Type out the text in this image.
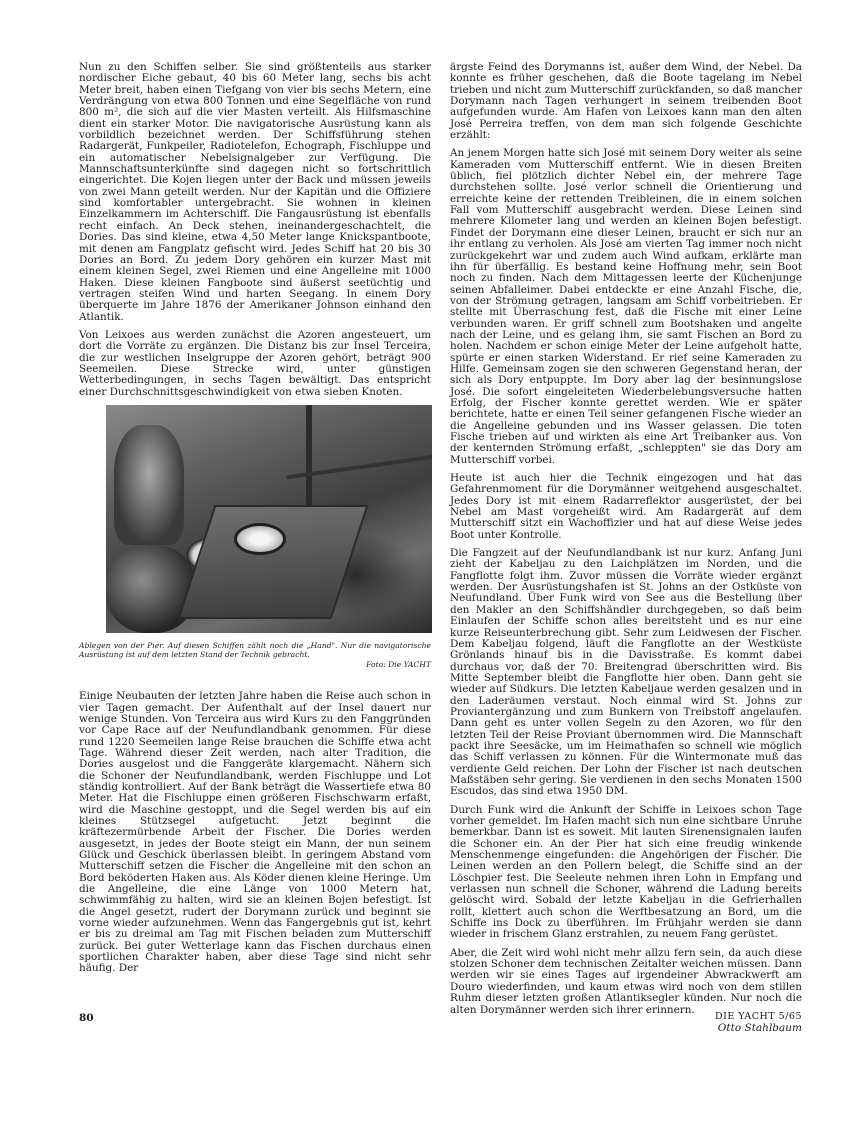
Nun zu den Schiffen selber. Sie sind größtenteils aus starker nordischer Eiche gebaut, 40 bis 60 Meter lang, sechs bis acht Meter breit, haben einen Tiefgang von vier bis sechs Metern, eine Verdrängung von etwa 800 Tonnen und eine Segelfläche von rund 800 m², die sich auf die vier Masten verteilt. Als Hilfsmaschine dient ein starker Motor. Die navigatorische Ausrüstung kann als vorbildlich bezeichnet werden. Der Schiffsführung stehen Radargerät, Funkpeiler, Radiotelefon, Echograph, Fischluppe und ein automatischer Nebelsignalgeber zur Verfügung. Die Mannschaftsunterkünfte sind dagegen nicht so fortschrittlich eingerichtet. Die Kojen liegen unter der Back und müssen jeweils von zwei Mann geteilt werden. Nur der Kapitän und die Offiziere sind komfortabler untergebracht. Sie wohnen in kleinen Einzelkammern im Achterschiff. Die Fangausrüstung ist ebenfalls recht einfach. An Deck stehen, ineinandergeschachtelt, die Dories. Das sind kleine, etwa 4,50 Meter lange Knickspantboote, mit denen am Fangplatz gefischt wird. Jedes Schiff hat 20 bis 30 Dories an Bord. Zu jedem Dory gehören ein kurzer Mast mit einem kleinen Segel, zwei Riemen und eine Angelleine mit 1000 Haken. Diese kleinen Fangboote sind äußerst seetüchtig und vertragen steifen Wind und harten Seegang. In einem Dory überquerte im Jahre 1876 der Amerikaner Johnson einhand den Atlantik.

Von Leixoes aus werden zunächst die Azoren angesteuert, um dort die Vorräte zu ergänzen. Die Distanz bis zur Insel Terceira, die zur westlichen Inselgruppe der Azoren gehört, beträgt 900 Seemeilen. Diese Strecke wird, unter günstigen Wetterbedingungen, in sechs Tagen bewältigt. Das entspricht einer Durchschnittsgeschwindigkeit von etwa sieben Knoten.

Ablegen von der Pier. Auf diesen Schiffen zählt noch die „Hand". Nur die navigatorische Ausrüstung ist auf dem letzten Stand der Technik gebracht.
Foto: Die YACHT

Einige Neubauten der letzten Jahre haben die Reise auch schon in vier Tagen gemacht. Der Aufenthalt auf der Insel dauert nur wenige Stunden. Von Terceira aus wird Kurs zu den Fanggründen vor Cape Race auf der Neufundlandbank genommen. Für diese rund 1220 Seemeilen lange Reise brauchen die Schiffe etwa acht Tage. Während dieser Zeit werden, nach alter Tradition, die Dories ausgelost und die Fanggeräte klargemacht. Nähern sich die Schoner der Neufundlandbank, werden Fischluppe und Lot ständig kontrolliert. Auf der Bank beträgt die Wassertiefe etwa 80 Meter. Hat die Fischluppe einen größeren Fischschwarm erfaßt, wird die Maschine gestoppt, und die Segel werden bis auf ein kleines Stützsegel aufgetucht. Jetzt beginnt die kräftezermürbende Arbeit der Fischer. Die Dories werden ausgesetzt, in jedes der Boote steigt ein Mann, der nun seinem Glück und Geschick überlassen bleibt. In geringem Abstand vom Mutterschiff setzen die Fischer die Angelleine mit den schon an Bord beköderten Haken aus. Als Köder dienen kleine Heringe. Um die Angelleine, die eine Länge von 1000 Metern hat, schwimmfähig zu halten, wird sie an kleinen Bojen befestigt. Ist die Angel gesetzt, rudert der Dorymann zurück und beginnt sie vorne wieder aufzunehmen. Wenn das Fangergebnis gut ist, kehrt er bis zu dreimal am Tag mit Fischen beladen zum Mutterschiff zurück. Bei guter Wetterlage kann das Fischen durchaus einen sportlichen Charakter haben, aber diese Tage sind nicht sehr häufig. Der

ärgste Feind des Dorymanns ist, außer dem Wind, der Nebel. Da konnte es früher geschehen, daß die Boote tagelang im Nebel trieben und nicht zum Mutterschiff zurückfanden, so daß mancher Dorymann nach Tagen verhungert in seinem treibenden Boot aufgefunden wurde. Am Hafen von Leixoes kann man den alten José Perreira treffen, von dem man sich folgende Geschichte erzählt:

An jenem Morgen hatte sich José mit seinem Dory weiter als seine Kameraden vom Mutterschiff entfernt. Wie in diesen Breiten üblich, fiel plötzlich dichter Nebel ein, der mehrere Tage durchstehen sollte. José verlor schnell die Orientierung und erreichte keine der rettenden Treibleinen, die in einem solchen Fall vom Mutterschiff ausgebracht werden. Diese Leinen sind mehrere Kilometer lang und werden an kleinen Bojen befestigt. Findet der Dorymann eine dieser Leinen, braucht er sich nur an ihr entlang zu verholen. Als José am vierten Tag immer noch nicht zurückgekehrt war und zudem auch Wind aufkam, erklärte man ihn für überfällig. Es bestand keine Hoffnung mehr, sein Boot noch zu finden. Nach dem Mittagessen leerte der Küchenjunge seinen Abfalleimer. Dabei entdeckte er eine Anzahl Fische, die, von der Strömung getragen, langsam am Schiff vorbeitrieben. Er stellte mit Überraschung fest, daß die Fische mit einer Leine verbunden waren. Er griff schnell zum Bootshaken und angelte nach der Leine, und es gelang ihm, sie samt Fischen an Bord zu holen. Nachdem er schon einige Meter der Leine aufgeholt hatte, spürte er einen starken Widerstand. Er rief seine Kameraden zu Hilfe. Gemeinsam zogen sie den schweren Gegenstand heran, der sich als Dory entpuppte. Im Dory aber lag der besinnungslose José. Die sofort eingeleiteten Wiederbelebungsversuche hatten Erfolg, der Fischer konnte gerettet werden. Wie er später berichtete, hatte er einen Teil seiner gefangenen Fische wieder an die Angelleine gebunden und ins Wasser gelassen. Die toten Fische trieben auf und wirkten als eine Art Treibanker aus. Von der kenternden Strömung erfaßt, „schleppten" sie das Dory am Mutterschiff vorbei.

Heute ist auch hier die Technik eingezogen und hat das Gefahrenmoment für die Dorymänner weitgehend ausgeschaltet. Jedes Dory ist mit einem Radarreflektor ausgerüstet, der bei Nebel am Mast vorgeheißt wird. Am Radargerät auf dem Mutterschiff sitzt ein Wachoffizier und hat auf diese Weise jedes Boot unter Kontrolle.

Die Fangzeit auf der Neufundlandbank ist nur kurz. Anfang Juni zieht der Kabeljau zu den Laichplätzen im Norden, und die Fangflotte folgt ihm. Zuvor müssen die Vorräte wieder ergänzt werden. Der Ausrüstungshafen ist St. Johns an der Ostküste von Neufundland. Über Funk wird von See aus die Bestellung über den Makler an den Schiffshändler durchgegeben, so daß beim Einlaufen der Schiffe schon alles bereitsteht und es nur eine kurze Reiseunterbrechung gibt. Sehr zum Leidwesen der Fischer. Dem Kabeljau folgend, läuft die Fangflotte an der Westküste Grönlands hinauf bis in die Davisstraße. Es kommt dabei durchaus vor, daß der 70. Breitengrad überschritten wird. Bis Mitte September bleibt die Fangflotte hier oben. Dann geht sie wieder auf Südkurs. Die letzten Kabeljaue werden gesalzen und in den Laderäumen verstaut. Noch einmal wird St. Johns zur Proviantergänzung und zum Bunkern von Treibstoff angelaufen. Dann geht es unter vollen Segeln zu den Azoren, wo für den letzten Teil der Reise Proviant übernommen wird. Die Mannschaft packt ihre Seesäcke, um im Heimathafen so schnell wie möglich das Schiff verlassen zu können. Für die Wintermonate muß das verdiente Geld reichen. Der Lohn der Fischer ist nach deutschen Maßstäben sehr gering. Sie verdienen in den sechs Monaten 1500 Escudos, das sind etwa 1950 DM.

Durch Funk wird die Ankunft der Schiffe in Leixoes schon Tage vorher gemeldet. Im Hafen macht sich nun eine sichtbare Unruhe bemerkbar. Dann ist es soweit. Mit lauten Sirenensignalen laufen die Schoner ein. An der Pier hat sich eine freudig winkende Menschenmenge eingefunden: die Angehörigen der Fischer. Die Leinen werden an den Pollern belegt, die Schiffe sind an der Löschpier fest. Die Seeleute nehmen ihren Lohn in Empfang und verlassen nun schnell die Schoner, während die Ladung bereits gelöscht wird. Sobald der letzte Kabeljau in die Gefrierhallen rollt, klettert auch schon die Werftbesatzung an Bord, um die Schiffe ins Dock zu überführen. Im Frühjahr werden sie dann wieder in frischem Glanz erstrahlen, zu neuem Fang gerüstet.

Aber, die Zeit wird wohl nicht mehr allzu fern sein, da auch diese stolzen Schoner dem technischen Zeitalter weichen müssen. Dann werden wir sie eines Tages auf irgendeiner Abwrackwerft am Douro wiederfinden, und kaum etwas wird noch von dem stillen Ruhm dieser letzten großen Atlantiksegler künden. Nur noch die alten Dorymänner werden sich ihrer erinnern.

Otto Stahlbaum
80	DIE YACHT 5/65
